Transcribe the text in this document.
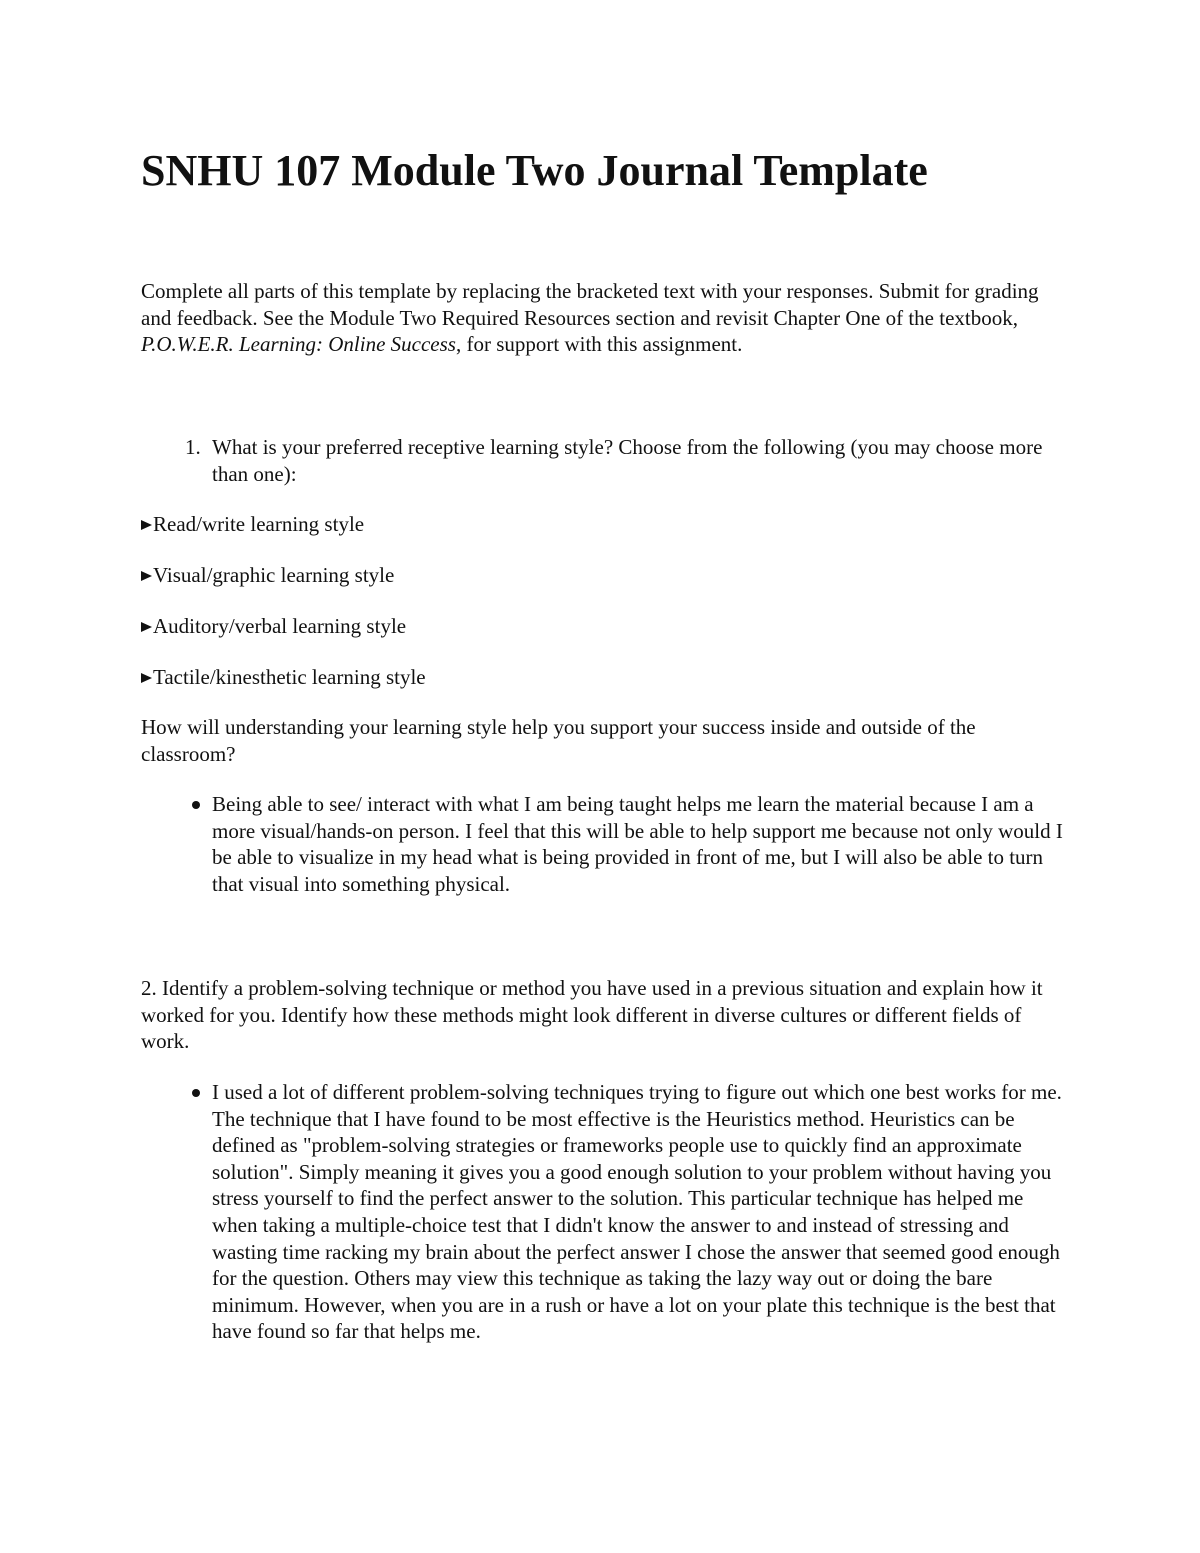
SNHU 107 Module Two Journal Template

Complete all parts of this template by replacing the bracketed text with your responses. Submit for grading and feedback. See the Module Two Required Resources section and revisit Chapter One of the textbook, P.O.W.E.R. Learning: Online Success, for support with this assignment.

1. What is your preferred receptive learning style? Choose from the following (you may choose more than one):
Read/write learning style
Visual/graphic learning style
Auditory/verbal learning style
Tactile/kinesthetic learning style

How will understanding your learning style help you support your success inside and outside of the classroom?

Being able to see/ interact with what I am being taught helps me learn the material because I am a more visual/hands-on person. I feel that this will be able to help support me because not only would I be able to visualize in my head what is being provided in front of me, but I will also be able to turn that visual into something physical.

2. Identify a problem-solving technique or method you have used in a previous situation and explain how it worked for you. Identify how these methods might look different in diverse cultures or different fields of work.

I used a lot of different problem-solving techniques trying to figure out which one best works for me. The technique that I have found to be most effective is the Heuristics method. Heuristics can be defined as "problem-solving strategies or frameworks people use to quickly find an approximate solution". Simply meaning it gives you a good enough solution to your problem without having you stress yourself to find the perfect answer to the solution. This particular technique has helped me when taking a multiple-choice test that I didn't know the answer to and instead of stressing and wasting time racking my brain about the perfect answer I chose the answer that seemed good enough for the question. Others may view this technique as taking the lazy way out or doing the bare minimum. However, when you are in a rush or have a lot on your plate this technique is the best that have found so far that helps me.
